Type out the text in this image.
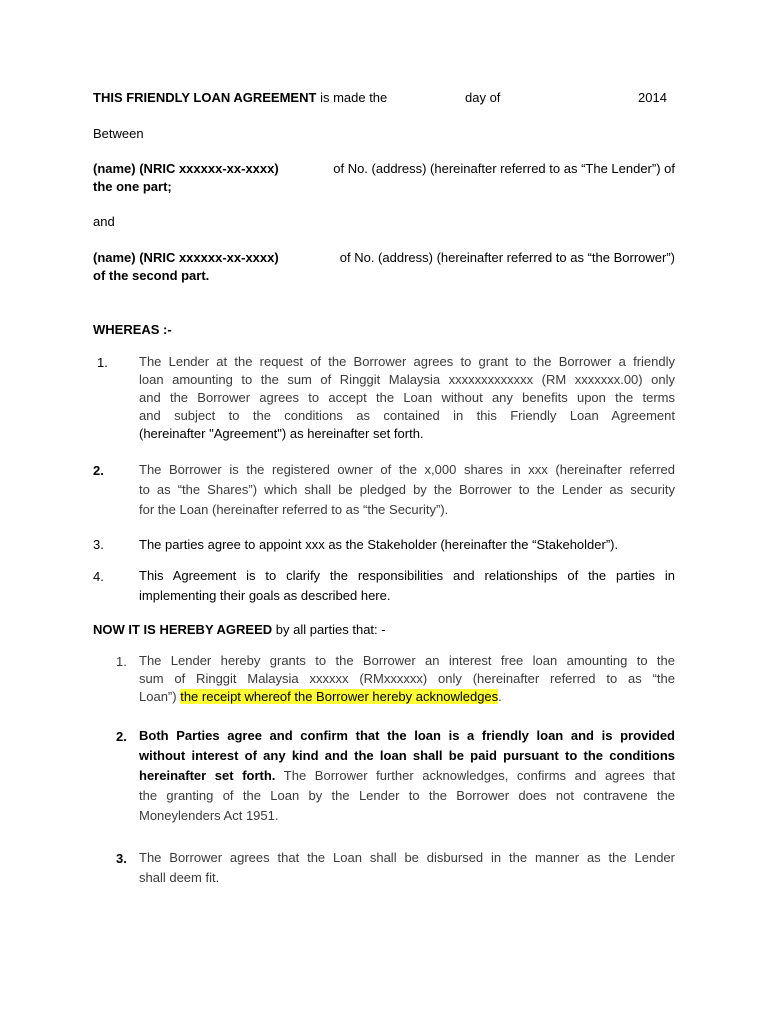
THIS FRIENDLY LOAN AGREEMENT is made the	day of	2014
Between
(name) (NRIC xxxxxx-xx-xxxx)	of No. (address) (hereinafter referred to as “The Lender”) of
the one part;
and
(name) (NRIC xxxxxx-xx-xxxx)	of No. (address) (hereinafter referred to as “the Borrower”)
of the second part.
WHEREAS :-
1. The Lender at the request of the Borrower agrees to grant to the Borrower a friendly
loan amounting to the sum of Ringgit Malaysia xxxxxxxxxxxxx (RM xxxxxxx.00) only
and the Borrower agrees to accept the Loan without any benefits upon the terms
and subject to the conditions as contained in this Friendly Loan Agreement
(hereinafter "Agreement") as hereinafter set forth.
2.	The Borrower is the registered owner of the x,000 shares in xxx (hereinafter referred
to as “the Shares”) which shall be pledged by the Borrower to the Lender as security
for the Loan (hereinafter referred to as “the Security”).
3.	The parties agree to appoint xxx as the Stakeholder (hereinafter the “Stakeholder”).
4.	This Agreement is to clarify the responsibilities and relationships of the parties in
implementing their goals as described here.
NOW IT IS HEREBY AGREED by all parties that: -
1. The Lender hereby grants to the Borrower an interest free loan amounting to the
sum of Ringgit Malaysia xxxxxx (RMxxxxxx) only (hereinafter referred to as “the
Loan”) the receipt whereof the Borrower hereby acknowledges.
2. Both Parties agree and confirm that the loan is a friendly loan and is provided
without interest of any kind and the loan shall be paid pursuant to the conditions
hereinafter set forth. The Borrower further acknowledges, confirms and agrees that
the granting of the Loan by the Lender to the Borrower does not contravene the
Moneylenders Act 1951.
3. The Borrower agrees that the Loan shall be disbursed in the manner as the Lender
shall deem fit.
